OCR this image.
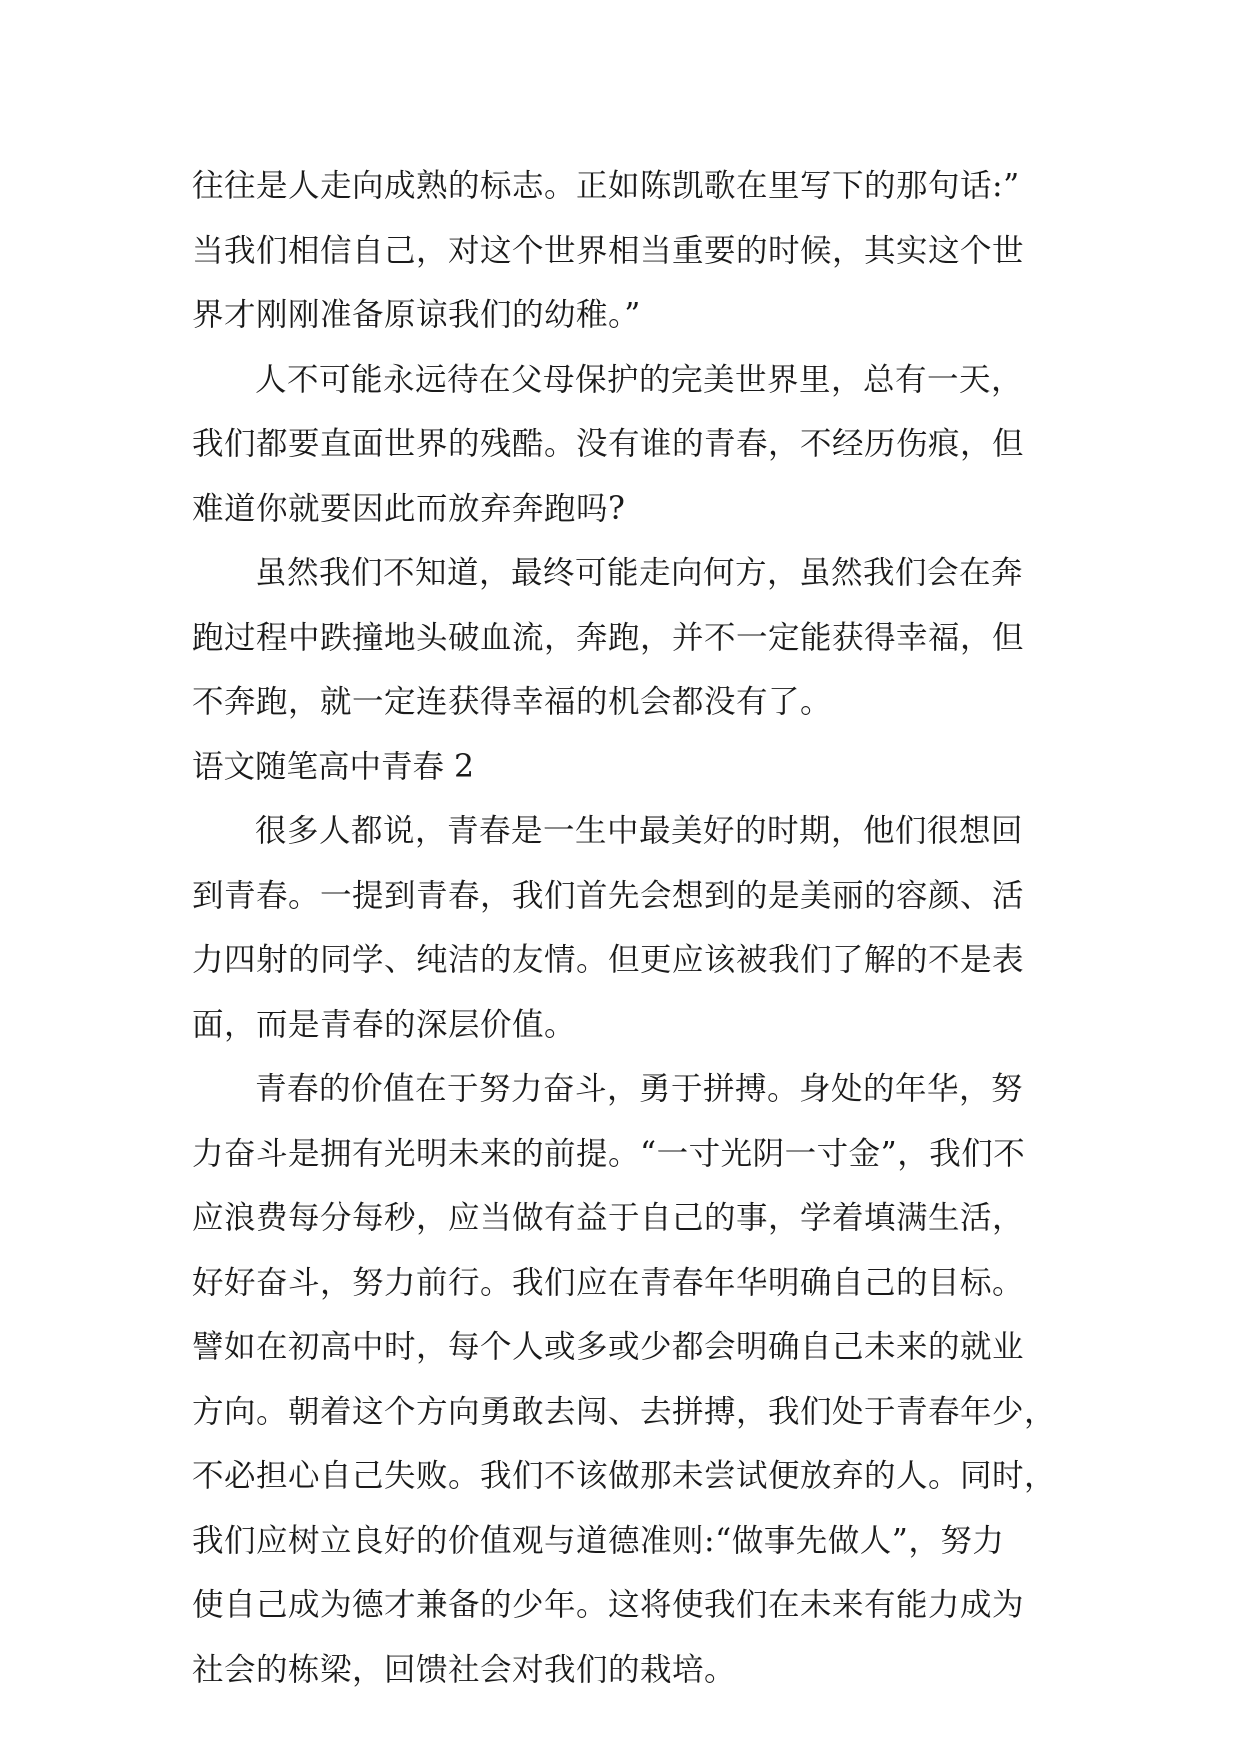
往往是人走向成熟的标志。正如陈凯歌在里写下的那句话:”
当我们相信自己，对这个世界相当重要的时候，其实这个世
界才刚刚准备原谅我们的幼稚。”
人不可能永远待在父母保护的完美世界里，总有一天，
我们都要直面世界的残酷。没有谁的青春，不经历伤痕，但
难道你就要因此而放弃奔跑吗?
虽然我们不知道，最终可能走向何方，虽然我们会在奔
跑过程中跌撞地头破血流，奔跑，并不一定能获得幸福，但
不奔跑，就一定连获得幸福的机会都没有了。
语文随笔高中青春 2
很多人都说，青春是一生中最美好的时期，他们很想回
到青春。一提到青春，我们首先会想到的是美丽的容颜、活
力四射的同学、纯洁的友情。但更应该被我们了解的不是表
面，而是青春的深层价值。
青春的价值在于努力奋斗，勇于拼搏。身处的年华，努
力奋斗是拥有光明未来的前提。“一寸光阴一寸金”，我们不
应浪费每分每秒，应当做有益于自己的事，学着填满生活，
好好奋斗，努力前行。我们应在青春年华明确自己的目标。
譬如在初高中时，每个人或多或少都会明确自己未来的就业
方向。朝着这个方向勇敢去闯、去拼搏，我们处于青春年少，
不必担心自己失败。我们不该做那未尝试便放弃的人。同时，
我们应树立良好的价值观与道德准则:“做事先做人”，努力
使自己成为德才兼备的少年。这将使我们在未来有能力成为
社会的栋梁，回馈社会对我们的栽培。
